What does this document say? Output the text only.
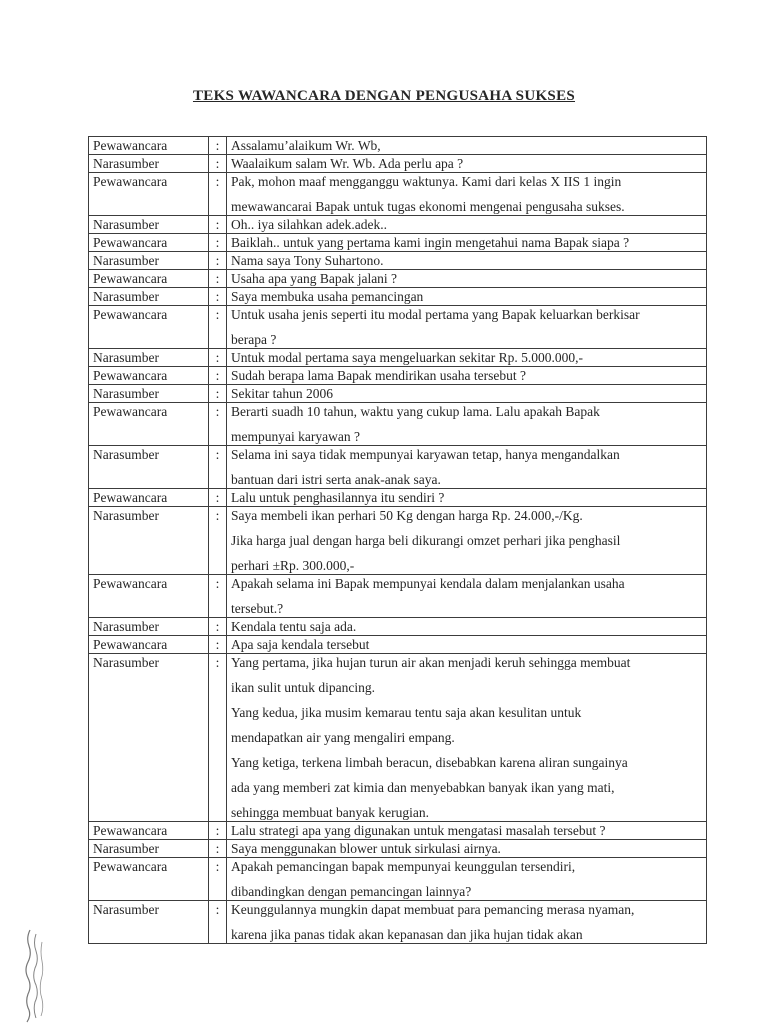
TEKS WAWANCARA DENGAN PENGUSAHA SUKSES
Pewawancara	:	Assalamu’alaikum Wr. Wb,

Narasumber	:	Waalaikum salam Wr. Wb. Ada perlu apa ?

Pewawancara	:	Pak, mohon maaf mengganggu waktunya. Kami dari kelas X IIS 1 ingin
mewawancarai Bapak untuk tugas ekonomi mengenai pengusaha sukses.

Narasumber	:	Oh.. iya silahkan adek.adek..

Pewawancara	:	Baiklah.. untuk yang pertama kami ingin mengetahui nama Bapak siapa ?

Narasumber	:	Nama saya Tony Suhartono.

Pewawancara	:	Usaha apa yang Bapak jalani ?

Narasumber	:	Saya membuka usaha pemancingan

Pewawancara	:	Untuk usaha jenis seperti itu modal pertama yang Bapak keluarkan berkisar
berapa ?

Narasumber	:	Untuk modal pertama saya mengeluarkan sekitar Rp. 5.000.000,-

Pewawancara	:	Sudah berapa lama Bapak mendirikan usaha tersebut ?

Narasumber	:	Sekitar tahun 2006

Pewawancara	:	Berarti suadh 10 tahun, waktu yang cukup lama. Lalu apakah Bapak
mempunyai karyawan ?

Narasumber	:	Selama ini saya tidak mempunyai karyawan tetap, hanya mengandalkan
bantuan dari istri serta anak-anak saya.

Pewawancara	:	Lalu untuk penghasilannya itu sendiri ?

Narasumber	:	Saya membeli ikan perhari 50 Kg dengan harga Rp. 24.000,-/Kg.
Jika harga jual dengan harga beli dikurangi omzet perhari jika penghasil
perhari ±Rp. 300.000,-

Pewawancara	:	Apakah selama ini Bapak mempunyai kendala dalam menjalankan usaha
tersebut.?

Narasumber	:	Kendala tentu saja ada.

Pewawancara	:	Apa saja kendala tersebut

Narasumber	:	Yang pertama, jika hujan turun air akan menjadi keruh sehingga membuat
ikan sulit untuk dipancing.
Yang kedua, jika musim kemarau tentu saja akan kesulitan untuk
mendapatkan air yang mengaliri empang.
Yang ketiga, terkena limbah beracun, disebabkan karena aliran sungainya
ada yang memberi zat kimia dan menyebabkan banyak ikan yang mati,
sehingga membuat banyak kerugian.

Pewawancara	:	Lalu strategi apa yang digunakan untuk mengatasi masalah tersebut ?

Narasumber	:	Saya menggunakan blower untuk sirkulasi airnya.

Pewawancara	:	Apakah pemancingan bapak mempunyai keunggulan tersendiri,
dibandingkan dengan pemancingan lainnya?

Narasumber	:	Keunggulannya mungkin dapat membuat para pemancing merasa nyaman,
karena jika panas tidak akan kepanasan dan jika hujan tidak akan
